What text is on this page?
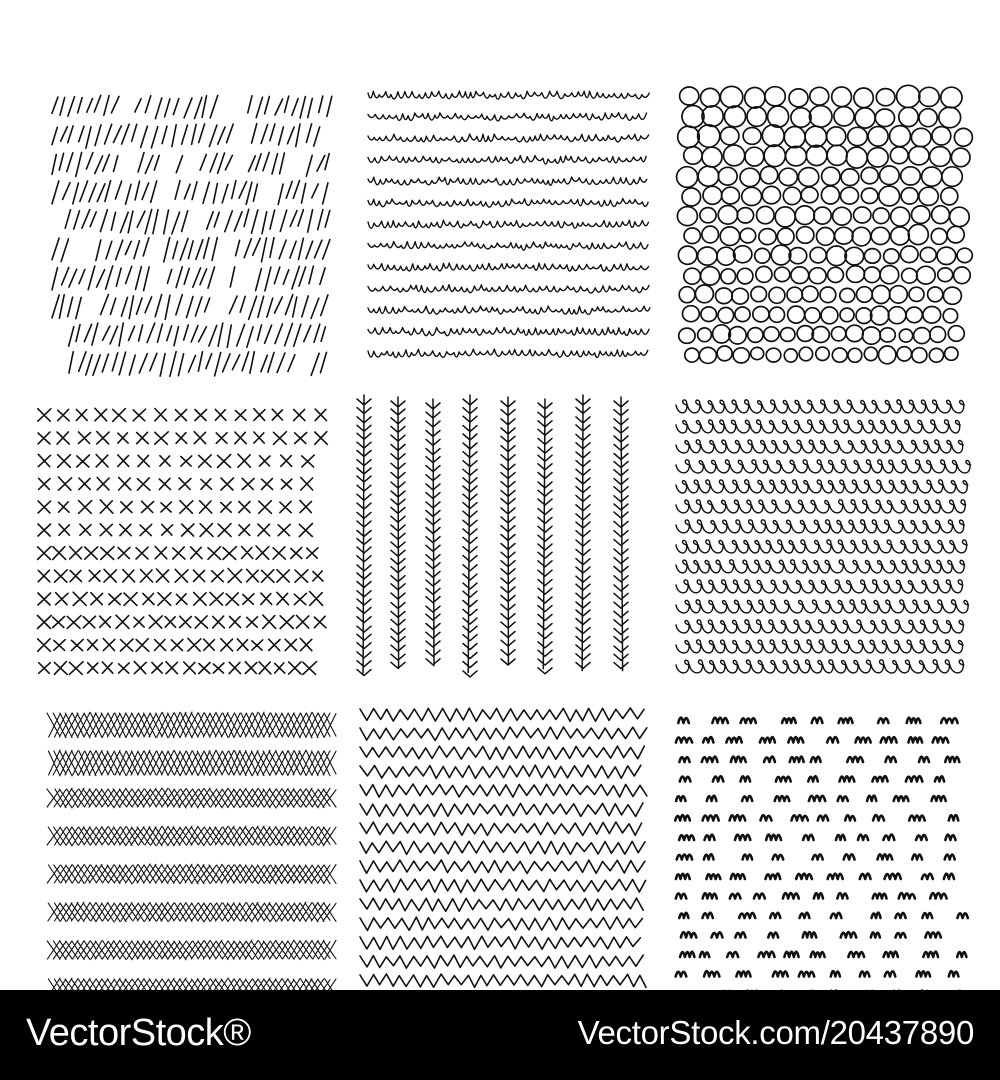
VectorStock®	VectorStock.com/20437890
